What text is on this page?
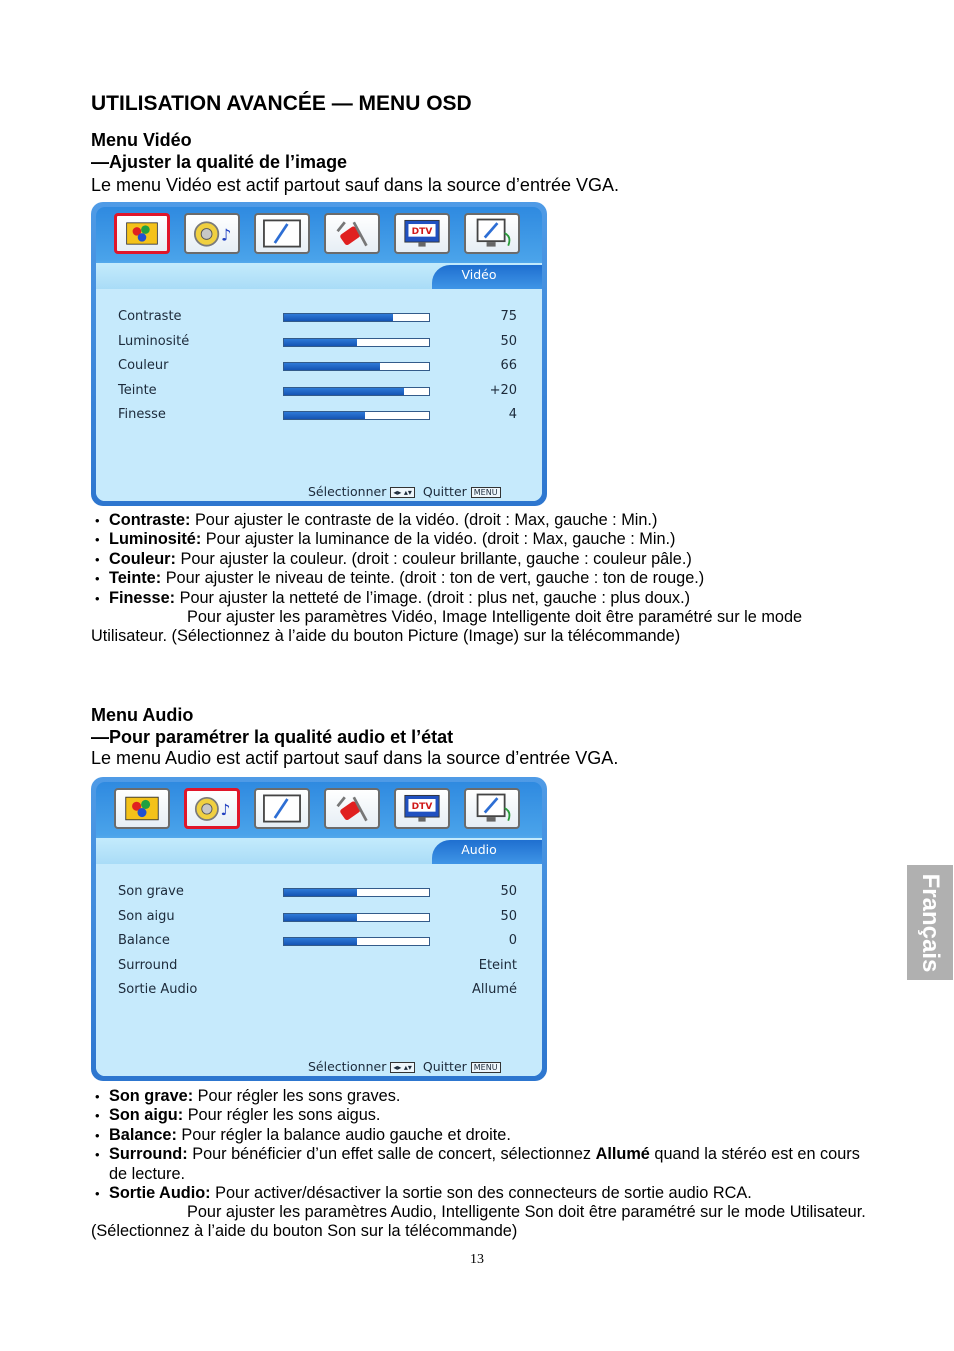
UTILISATION AVANCÉE — MENU OSD

Menu Vidéo

—Ajuster la qualité de l’image

Le menu Vidéo est actif partout sauf dans la source d’entrée VGA.

Vidéo
♪	DTV
Contraste	75
Luminosité	50
Couleur	66
Teinte	+20
Finesse	4
Sélectionner ◂▸ ▴▾ Quitter MENU
• Contraste: Pour ajuster le contraste de la vidéo. (droit : Max, gauche : Min.)
• Luminosité: Pour ajuster la luminance de la vidéo. (droit : Max, gauche : Min.)
• Couleur: Pour ajuster la couleur. (droit : couleur brillante, gauche : couleur pâle.)
• Teinte: Pour ajuster le niveau de teinte. (droit : ton de vert, gauche : ton de rouge.)
• Finesse: Pour ajuster la netteté de l’image. (droit : plus net, gauche : plus doux.)

Pour ajuster les paramètres Vidéo, Image Intelligente doit être paramétré sur le mode Utilisateur. (Sélectionnez à l’aide du bouton Picture (Image) sur la télécommande)

Menu Audio

—Pour paramétrer la qualité audio et l’état

Le menu Audio est actif partout sauf dans la source d’entrée VGA.

Audio
♪	DTV
Son grave	50
Son aigu	50
Balance	0
Surround	Eteint
Sortie Audio	Allumé
Sélectionner ◂▸ ▴▾ Quitter MENU
• Son grave: Pour régler les sons graves.
• Son aigu: Pour régler les sons aigus.
• Balance: Pour régler la balance audio gauche et droite.
• Surround: Pour bénéficier d’un effet salle de concert, sélectionnez Allumé quand la stéréo est en cours de lecture.
• Sortie Audio: Pour activer/désactiver la sortie son des connecteurs de sortie audio RCA.

Pour ajuster les paramètres Audio, Intelligente Son doit être paramétré sur le mode Utilisateur. (Sélectionnez à l’aide du bouton Son sur la télécommande)

13
Français
